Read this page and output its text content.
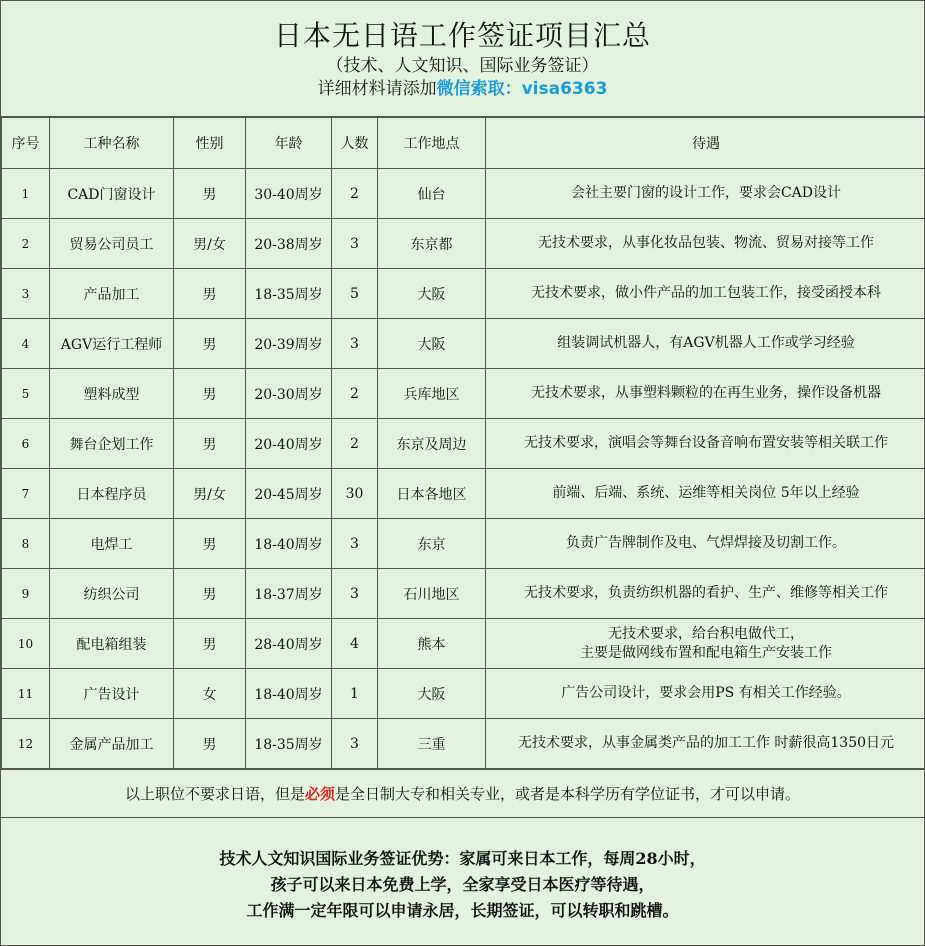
日本无日语工作签证项目汇总
（技术、人文知识、国际业务签证）
详细材料请添加微信索取：visa6363
序号	工种名称	性别	年龄	人数	工作地点	待遇
1	CAD门窗设计	男	30-40周岁	2	仙台	会社主要门窗的设计工作，要求会CAD设计

2	贸易公司员工	男/女	20-38周岁	3	东京都	无技术要求，从事化妆品包装、物流、贸易对接等工作

3	产品加工	男	18-35周岁	5	大阪	无技术要求，做小件产品的加工包装工作，接受函授本科

4	AGV运行工程师	男	20-39周岁	3	大阪	组装调试机器人，有AGV机器人工作或学习经验

5	塑料成型	男	20-30周岁	2	兵库地区	无技术要求，从事塑料颗粒的在再生业务，操作设备机器

6	舞台企划工作	男	20-40周岁	2	东京及周边	无技术要求，演唱会等舞台设备音响布置安装等相关联工作

7	日本程序员	男/女	20-45周岁	30	日本各地区	前端、后端、系统、运维等相关岗位 5年以上经验

8	电焊工	男	18-40周岁	3	东京	负责广告牌制作及电、气焊焊接及切割工作。

9	纺织公司	男	18-37周岁	3	石川地区	无技术要求，负责纺织机器的看护、生产、维修等相关工作

10	配电箱组装	男	28-40周岁	4	熊本	无技术要求，给台积电做代工，
主要是做网线布置和配电箱生产安装工作

11	广告设计	女	18-40周岁	1	大阪	广告公司设计，要求会用PS 有相关工作经验。

12	金属产品加工	男	18-35周岁	3	三重	无技术要求，从事金属类产品的加工工作 时薪很高1350日元
以上职位不要求日语，但是 必须 是全日制大专和相关专业，或者是本科学历有学位证书，才可以申请。
技术人文知识国际业务签证优势：家属可来日本工作，每周28小时，
孩子可以来日本免费上学，全家享受日本医疗等待遇，
工作满一定年限可以申请永居，长期签证，可以转职和跳槽。
